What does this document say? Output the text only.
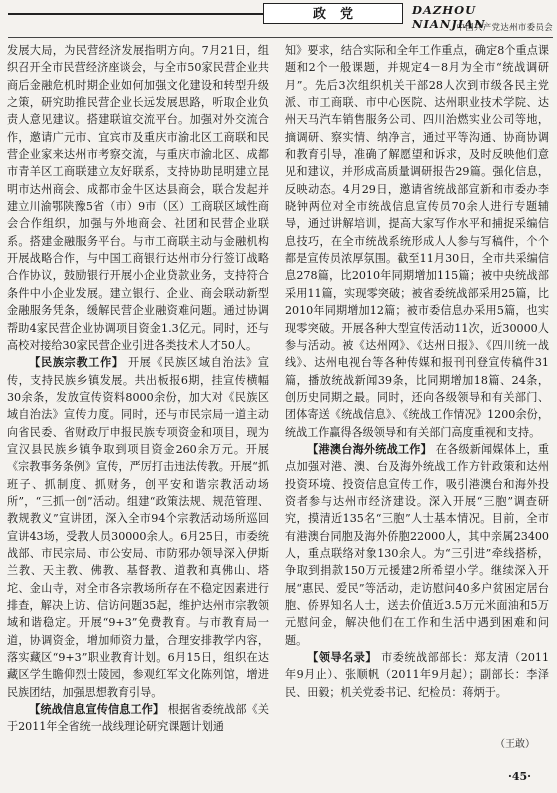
政党	DAZHOU NIANJIAN
中国共产党达州市委员会

发展大局，为民营经济发展指明方向。7月21日，组织召开全市民营经济座谈会，与全市50家民营企业共商后金融危机时期企业如何加强文化建设和转型升级之策，研究助推民营企业长远发展思路，听取企业负责人意见建议。搭建联谊交流平台。加强对外交流合作，邀请广元市、宜宾市及重庆市渝北区工商联和民营企业家来达州市考察交流，与重庆市渝北区、成都市青羊区工商联建立友好联系，支持协助昆明建立昆明市达州商会、成都市金牛区达县商会，联合发起并建立川渝鄂陕豫5省（市）9市（区）工商联区域性商会合作组织，加强与外地商会、社团和民营企业联系。搭建金融服务平台。与市工商联主动与金融机构开展战略合作，与中国工商银行达州市分行签订战略合作协议，鼓励银行开展小企业贷款业务，支持符合条件中小企业发展。建立银行、企业、商会联动新型金融服务凭条，缓解民营企业融资难问题。通过协调帮助4家民营企业协调项目资金1.3亿元。同时，还与高校对接给30家民营企业引进各类技术人才50人。

【民族宗教工作】 开展《民族区域自治法》宣传，支持民族乡镇发展。共出板报6期，挂宣传横幅30余条，发放宣传资料8000余份，加大对《民族区域自治法》宣传力度。同时，还与市民宗局一道主动向省民委、省财政厅申报民族专项资金和项目，现为宣汉县民族乡镇争取到项目资金260余万元。开展《宗教事务条例》宣传，严厉打击违法传教。开展“抓班子、抓制度、抓财务，创平安和谐宗教活动场所”，“三抓一创”活动。组建“政策法规、规范管理、教规教义”宣讲团，深入全市94个宗教活动场所巡回宣讲43场，受教人员30000余人。6月25日，市委统战部、市民宗局、市公安局、市防邪办领导深入伊斯兰教、天主教、佛教、基督教、道教和真佛山、塔坨、金山寺，对全市各宗教场所存在不稳定因素进行排查，解决上访、信访问题35起，维护达州市宗教领域和谐稳定。开展“9+3”免费教育。与市教育局一道，协调资金，增加师资力量，合理安排教学内容，落实藏区“9+3”职业教育计划。6月15日，组织在达藏区学生瞻仰烈士陵园，参观红军文化陈列馆，增进民族团结，加强思想教育引导。

【统战信息宣传信息工作】 根据省委统战部《关于2011年全省统一战线理论研究课题计划通

知》要求，结合实际和全年工作重点，确定8个重点课题和2个一般课题，并规定4－8月为全市“统战调研月”。先后3次组织机关干部28人次到市级各民主党派、市工商联、市中心医院、达州职业技术学院、达州天马汽车销售服务公司、四川治燃实业公司等地，摘调研、察实情、纳净言，通过平等沟通、协商协调和教育引导，准确了解愿望和诉求，及时反映他们意见和建议，并形成高质量调研报告29篇。强化信息，反映动态。4月29日，邀请省统战部宣新和市委办李晓钟两位对全市统战信息宣传员70余人进行专题辅导，通过讲解培训，提高大家写作水平和捕捉采编信息技巧，在全市统战系统形成人人参与写稿件，个个都是宣传员浓厚氛围。截至11月30日，全市共采编信息278篇，比2010年同期增加115篇；被中央统战部采用11篇，实现零突破；被省委统战部采用25篇，比2010年同期增加12篇；被市委信息办采用5篇，也实现零突破。开展各种大型宣传活动11次，近30000人参与活动。被《达州网》、《达州日报》、《四川统一战线》、达州电视台等各种传媒和报刊刊登宣传稿件31篇，播放统战新闻39条，比同期增加18篇、24条，创历史同期之最。同时，还向各级领导和有关部门、团体寄送《统战信息》、《统战工作情况》1200余份，统战工作赢得各级领导和有关部门高度重视和支持。

【港澳台海外统战工作】 在各级新闻媒体上，重点加强对港、澳、台及海外统战工作方针政策和达州投资环境、投资信息宣传工作，吸引港澳台和海外投资者参与达州市经济建设。深入开展“三胞”调查研究，摸清近135名“三胞”人士基本情况。目前，全市有港澳台同胞及海外侨胞22000人，其中亲属23400人，重点联络对象130余人。为“三引进”牵线搭桥，争取到捐款150万元援建2所希望小学。继续深入开展“惠民、爱民”等活动，走访慰问40多户贫困定居台胞、侨界知名人士，送去价值近3.5万元米面油和5万元慰问金，解决他们在工作和生活中遇到困难和问题。

【领导名录】 市委统战部部长：郑友清（2011年9月止）、张顺帆（2011年9月起）；副部长：李泽民、田毅；机关党委书记、纪检员：蒋炳于。

（王敢）
·45·
